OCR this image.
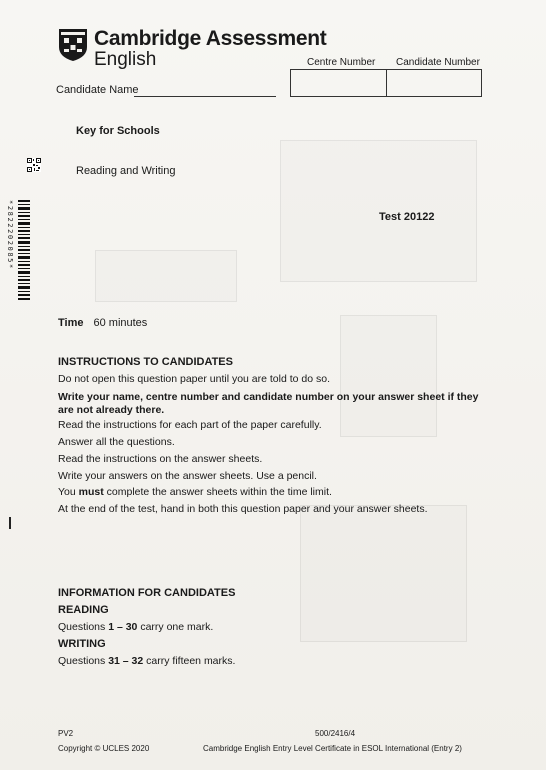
Cambridge Assessment
English
Candidate Name
Centre Number Candidate Number
Key for Schools
Reading and Writing
Test 20122
*2822202085*
Time 60 minutes
INSTRUCTIONS TO CANDIDATES
Do not open this question paper until you are told to do so.
Write your name, centre number and candidate number on your answer sheet if they are not already there.
Read the instructions for each part of the paper carefully.
Answer all the questions.
Read the instructions on the answer sheets.
Write your answers on the answer sheets. Use a pencil.
You must complete the answer sheets within the time limit.
At the end of the test, hand in both this question paper and your answer sheets.
INFORMATION FOR CANDIDATES
READING
Questions 1 – 30 carry one mark.
WRITING
Questions 31 – 32 carry fifteen marks.
PV2	500/2416/4
Copyright © UCLES 2020	Cambridge English Entry Level Certificate in ESOL International (Entry 2)
